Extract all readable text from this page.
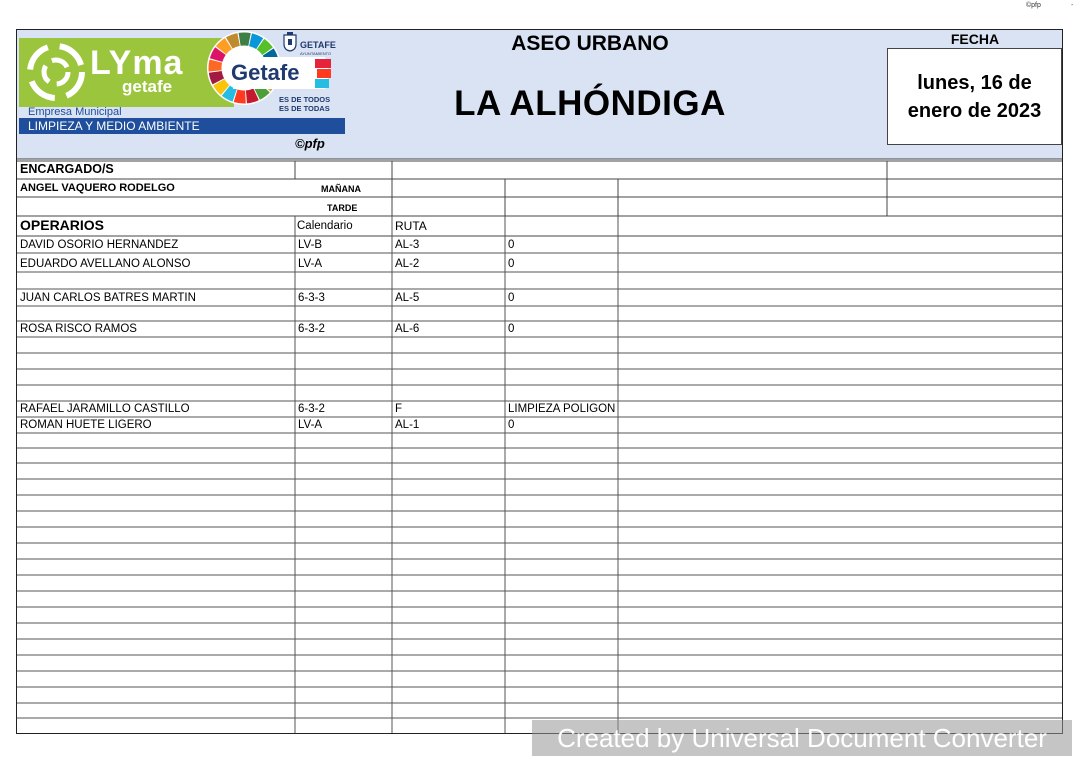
©pfp	-
LYma
getafe
Empresa Municipal
LIMPIEZA Y MEDIO AMBIENTE
GETAFE
AYUNTAMIENTO
Getafe
ES DE TODOS
ES DE TODAS
©pfp
ASEO URBANO
LA ALHÓNDIGA
FECHA
lunes, 16 de enero de 2023
ENCARGADO/S
ANGEL VAQUERO RODELGO	MAÑANA
TARDE
OPERARIOS	Calendario	RUTA
DAVID OSORIO HERNANDEZ	LV-B	AL-3	0
EDUARDO AVELLANO ALONSO	LV-A	AL-2	0
JUAN CARLOS BATRES MARTIN	6-3-3	AL-5	0
ROSA RISCO RAMOS	6-3-2	AL-6	0
RAFAEL JARAMILLO CASTILLO	6-3-2	F	LIMPIEZA POLIGON
ROMAN HUETE LIGERO	LV-A	AL-1	0
Created by Universal Document Converter
